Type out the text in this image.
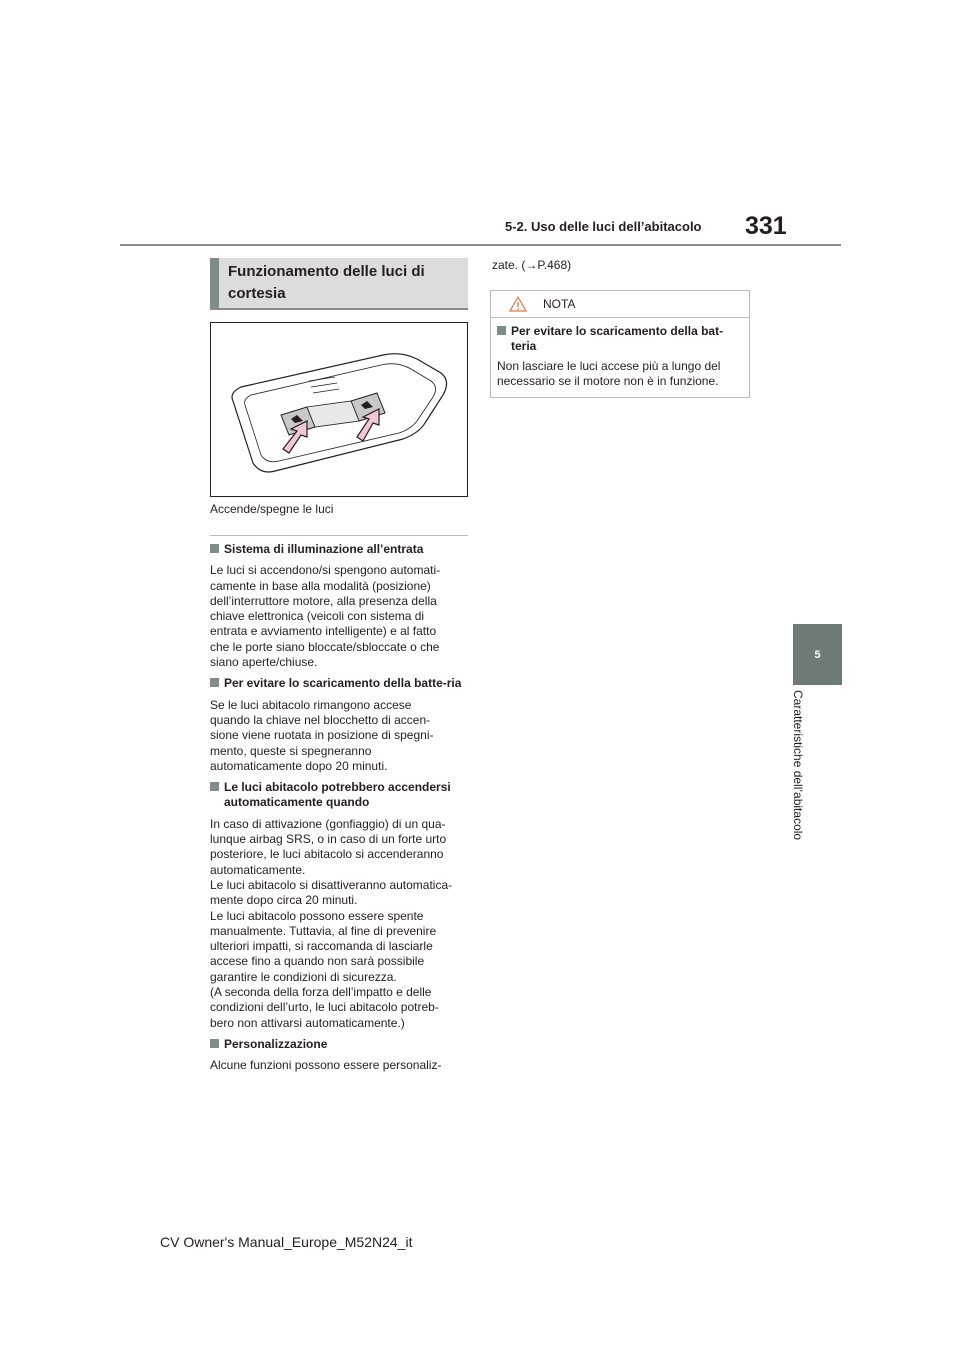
5-2. Uso delle luci dell’abitacolo 331
5
Caratteristiche dell’abitacolo
Funzionamento delle luci di cortesia
Accende/spegne le luci

Sistema di illuminazione all’entrata

Le luci si accendono/si spengono automati-
camente in base alla modalità (posizione)
dell’interruttore motore, alla presenza della
chiave elettronica (veicoli con sistema di
entrata e avviamento intelligente) e al fatto
che le porte siano bloccate/sbloccate o che
siano aperte/chiuse.

Per evitare lo scaricamento della batte-ria

Se le luci abitacolo rimangono accese
quando la chiave nel blocchetto di accen-
sione viene ruotata in posizione di spegni-
mento, queste si spegneranno
automaticamente dopo 20 minuti.

Le luci abitacolo potrebbero accendersi automaticamente quando

In caso di attivazione (gonfiaggio) di un qua-
lunque airbag SRS, o in caso di un forte urto
posteriore, le luci abitacolo si accenderanno
automaticamente.
Le luci abitacolo si disattiveranno automatica-
mente dopo circa 20 minuti.
Le luci abitacolo possono essere spente
manualmente. Tuttavia, al fine di prevenire
ulteriori impatti, si raccomanda di lasciarle
accese fino a quando non sarà possibile
garantire le condizioni di sicurezza.
(A seconda della forza dell’impatto e delle
condizioni dell’urto, le luci abitacolo potreb-
bero non attivarsi automaticamente.)

Personalizzazione

Alcune funzioni possono essere personaliz-

zate. (→P.468)
NOTA

Per evitare lo scaricamento della bat-teria

Non lasciare le luci accese più a lungo del
necessario se il motore non è in funzione.

CV Owner's Manual_Europe_M52N24_it
